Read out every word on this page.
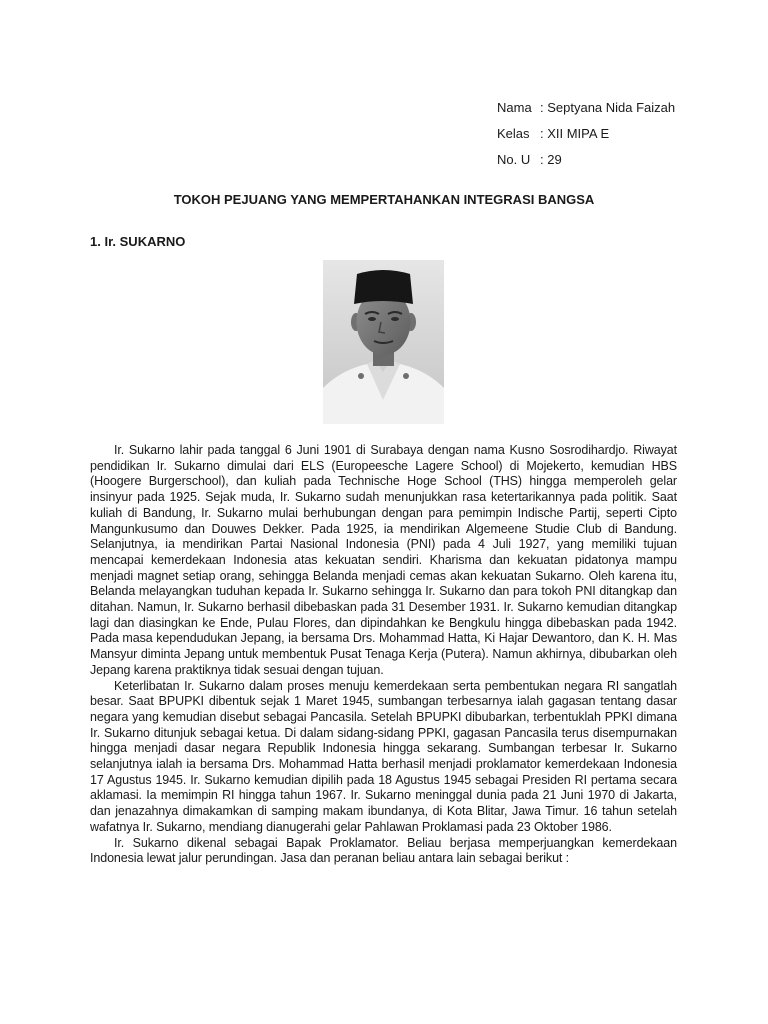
Nama : Septyana Nida Faizah
Kelas : XII MIPA E
No. U : 29
TOKOH PEJUANG YANG MEMPERTAHANKAN INTEGRASI BANGSA
1. Ir. SUKARNO

Ir. Sukarno lahir pada tanggal 6 Juni 1901 di Surabaya dengan nama Kusno Sosrodihardjo. Riwayat pendidikan Ir. Sukarno dimulai dari ELS (Europeesche Lagere School) di Mojekerto, kemudian HBS (Hoogere Burgerschool), dan kuliah pada Technische Hoge School (THS) hingga memperoleh gelar insinyur pada 1925. Sejak muda, Ir. Sukarno sudah menunjukkan rasa ketertarikannya pada politik. Saat kuliah di Bandung, Ir. Sukarno mulai berhubungan dengan para pemimpin Indische Partij, seperti Cipto Mangunkusumo dan Douwes Dekker. Pada 1925, ia mendirikan Algemeene Studie Club di Bandung. Selanjutnya, ia mendirikan Partai Nasional Indonesia (PNI) pada 4 Juli 1927, yang memiliki tujuan mencapai kemerdekaan Indonesia atas kekuatan sendiri. Kharisma dan kekuatan pidatonya mampu menjadi magnet setiap orang, sehingga Belanda menjadi cemas akan kekuatan Sukarno. Oleh karena itu, Belanda melayangkan tuduhan kepada Ir. Sukarno sehingga Ir. Sukarno dan para tokoh PNI ditangkap dan ditahan. Namun, Ir. Sukarno berhasil dibebaskan pada 31 Desember 1931. Ir. Sukarno kemudian ditangkap lagi dan diasingkan ke Ende, Pulau Flores, dan dipindahkan ke Bengkulu hingga dibebaskan pada 1942. Pada masa kependudukan Jepang, ia bersama Drs. Mohammad Hatta, Ki Hajar Dewantoro, dan K. H. Mas Mansyur diminta Jepang untuk membentuk Pusat Tenaga Kerja (Putera). Namun akhirnya, dibubarkan oleh Jepang karena praktiknya tidak sesuai dengan tujuan.

Keterlibatan Ir. Sukarno dalam proses menuju kemerdekaan serta pembentukan negara RI sangatlah besar. Saat BPUPKI dibentuk sejak 1 Maret 1945, sumbangan terbesarnya ialah gagasan tentang dasar negara yang kemudian disebut sebagai Pancasila. Setelah BPUPKI dibubarkan, terbentuklah PPKI dimana Ir. Sukarno ditunjuk sebagai ketua. Di dalam sidang-sidang PPKI, gagasan Pancasila terus disempurnakan hingga menjadi dasar negara Republik Indonesia hingga sekarang. Sumbangan terbesar Ir. Sukarno selanjutnya ialah ia bersama Drs. Mohammad Hatta berhasil menjadi proklamator kemerdekaan Indonesia 17 Agustus 1945. Ir. Sukarno kemudian dipilih pada 18 Agustus 1945 sebagai Presiden RI pertama secara aklamasi. Ia memimpin RI hingga tahun 1967. Ir. Sukarno meninggal dunia pada 21 Juni 1970 di Jakarta, dan jenazahnya dimakamkan di samping makam ibundanya, di Kota Blitar, Jawa Timur. 16 tahun setelah wafatnya Ir. Sukarno, mendiang dianugerahi gelar Pahlawan Proklamasi pada 23 Oktober 1986.

Ir. Sukarno dikenal sebagai Bapak Proklamator. Beliau berjasa memperjuangkan kemerdekaan Indonesia lewat jalur perundingan. Jasa dan peranan beliau antara lain sebagai berikut :
